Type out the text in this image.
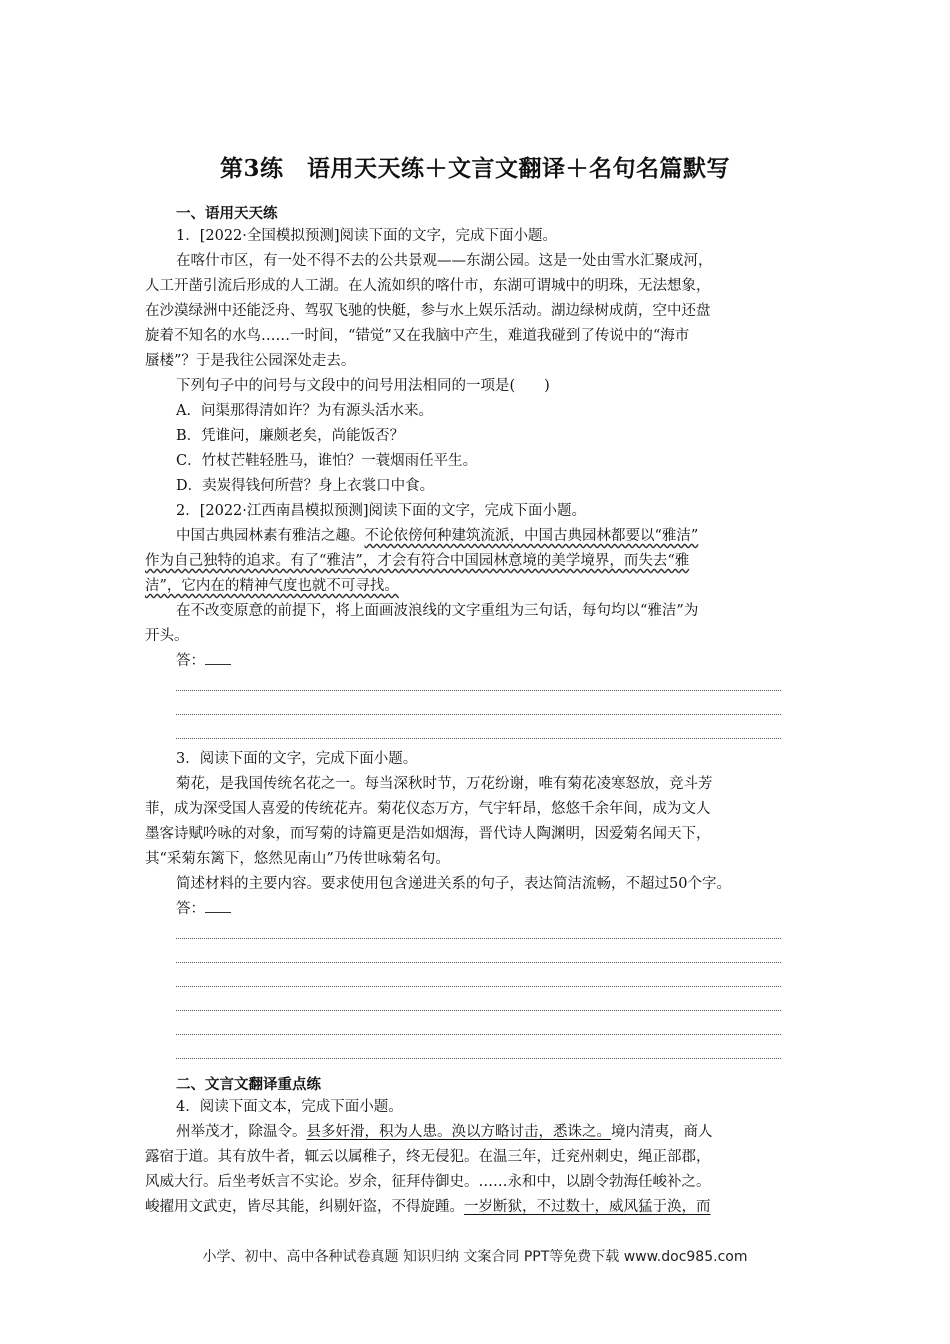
第3练　语用天天练＋文言文翻译＋名句名篇默写
一、语用天天练
1．[2022·全国模拟预测]阅读下面的文字，完成下面小题。
在喀什市区，有一处不得不去的公共景观——东湖公园。这是一处由雪水汇聚成河，
人工开凿引流后形成的人工湖。在人流如织的喀什市，东湖可谓城中的明珠，无法想象，
在沙漠绿洲中还能泛舟、驾驭飞驰的快艇，参与水上娱乐活动。湖边绿树成荫，空中还盘
旋着不知名的水鸟……一时间，“错觉”又在我脑中产生，难道我碰到了传说中的“海市
蜃楼”？于是我往公园深处走去。
下列句子中的问号与文段中的问号用法相同的一项是(　　)
A．问渠那得清如许？为有源头活水来。
B．凭谁问，廉颇老矣，尚能饭否？
C．竹杖芒鞋轻胜马，谁怕？一蓑烟雨任平生。
D．卖炭得钱何所营？身上衣裳口中食。
2．[2022·江西南昌模拟预测]阅读下面的文字，完成下面小题。
中国古典园林素有雅洁之趣。不论依傍何种建筑流派，中国古典园林都要以“雅洁”
作为自己独特的追求。有了“雅洁”，才会有符合中国园林意境的美学境界，而失去“雅
洁”，它内在的精神气度也就不可寻找。
在不改变原意的前提下，将上面画波浪线的文字重组为三句话，每句均以“雅洁”为
开头。
答：
3．阅读下面的文字，完成下面小题。
菊花，是我国传统名花之一。每当深秋时节，万花纷谢，唯有菊花凌寒怒放，竞斗芳
菲，成为深受国人喜爱的传统花卉。菊花仪态万方，气宇轩昂，悠悠千余年间，成为文人
墨客诗赋吟咏的对象，而写菊的诗篇更是浩如烟海，晋代诗人陶渊明，因爱菊名闻天下，
其“采菊东篱下，悠然见南山”乃传世咏菊名句。
简述材料的主要内容。要求使用包含递进关系的句子，表达简洁流畅，不超过50个字。
答：
二、文言文翻译重点练
4．阅读下面文本，完成下面小题。
州举茂才，除温令。县多奸滑，积为人患。涣以方略讨击，悉诛之。境内清夷，商人
露宿于道。其有放牛者，辄云以属稚子，终无侵犯。在温三年，迁兖州刺史，绳正部郡，
风威大行。后坐考妖言不实论。岁余，征拜侍御史。……永和中，以剧令勃海任峻补之。
峻擢用文武吏，皆尽其能，纠剔奸盗，不得旋踵。一岁断狱，不过数十，威风猛于涣，而
小学、初中、高中各种试卷真题 知识归纳 文案合同 PPT等免费下载 www.doc985.com
